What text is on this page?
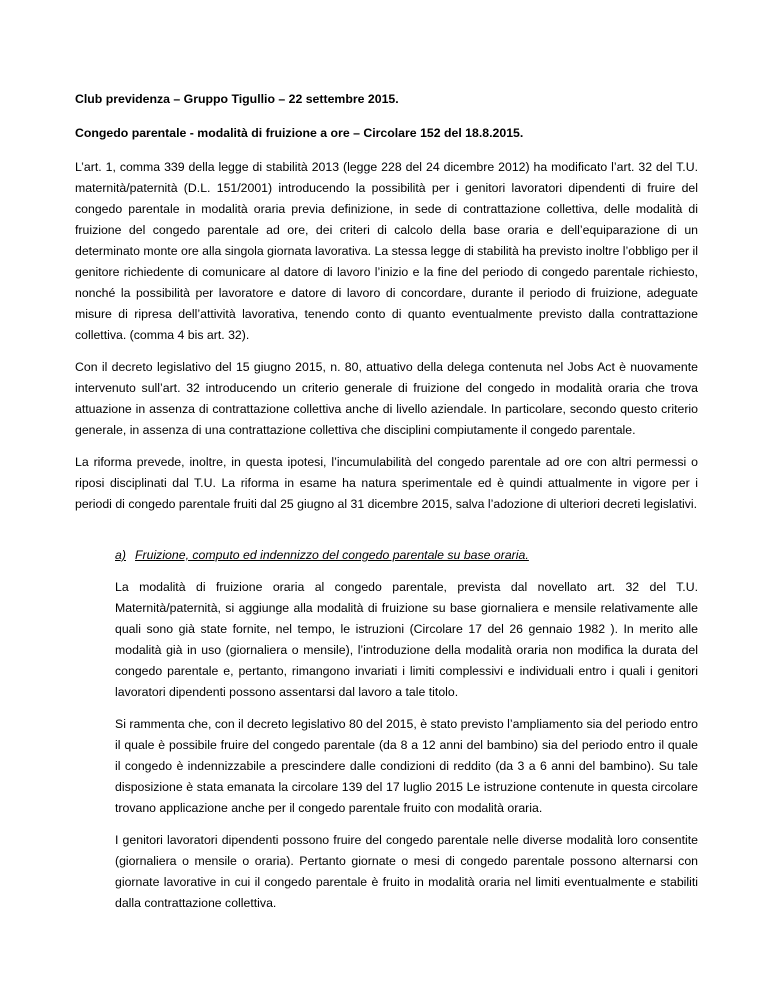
Club previdenza – Gruppo Tigullio – 22 settembre 2015.

Congedo parentale - modalità di fruizione a ore – Circolare 152 del 18.8.2015.

L’art. 1, comma 339 della legge di stabilità 2013 (legge 228 del 24 dicembre 2012) ha modificato l’art. 32 del T.U. maternità/paternità (D.L. 151/2001) introducendo la possibilità per i genitori lavoratori dipendenti di fruire del congedo parentale in modalità oraria previa definizione, in sede di contrattazione collettiva, delle modalità di fruizione del congedo parentale ad ore, dei criteri di calcolo della base oraria e dell’equiparazione di un determinato monte ore alla singola giornata lavorativa. La stessa legge di stabilità ha previsto inoltre l’obbligo per il genitore richiedente di comunicare al datore di lavoro l’inizio e la fine del periodo di congedo parentale richiesto, nonché la possibilità per lavoratore e datore di lavoro di concordare, durante il periodo di fruizione, adeguate misure di ripresa dell’attività lavorativa, tenendo conto di quanto eventualmente previsto dalla contrattazione collettiva. (comma 4 bis art. 32).

Con il decreto legislativo del 15 giugno 2015, n. 80, attuativo della delega contenuta nel Jobs Act è nuovamente intervenuto sull’art. 32 introducendo un criterio generale di fruizione del congedo in modalità oraria che trova attuazione in assenza di contrattazione collettiva anche di livello aziendale. In particolare, secondo questo criterio generale, in assenza di una contrattazione collettiva che disciplini compiutamente il congedo parentale.

La riforma prevede, inoltre, in questa ipotesi, l’incumulabilità del congedo parentale ad ore con altri permessi o riposi disciplinati dal T.U. La riforma in esame ha natura sperimentale ed è quindi attualmente in vigore per i periodi di congedo parentale fruiti dal 25 giugno al 31 dicembre 2015, salva l’adozione di ulteriori decreti legislativi.

a) Fruizione, computo ed indennizzo del congedo parentale su base oraria.

La modalità di fruizione oraria al congedo parentale, prevista dal novellato art. 32 del T.U. Maternità/paternità, si aggiunge alla modalità di fruizione su base giornaliera e mensile relativamente alle quali sono già state fornite, nel tempo, le istruzioni (Circolare 17 del 26 gennaio 1982 ). In merito alle modalità già in uso (giornaliera o mensile), l’introduzione della modalità oraria non modifica la durata del congedo parentale e, pertanto, rimangono invariati i limiti complessivi e individuali entro i quali i genitori lavoratori dipendenti possono assentarsi dal lavoro a tale titolo.

Si rammenta che, con il decreto legislativo 80 del 2015, è stato previsto l’ampliamento sia del periodo entro il quale è possibile fruire del congedo parentale (da 8 a 12 anni del bambino) sia del periodo entro il quale il congedo è indennizzabile a prescindere dalle condizioni di reddito (da 3 a 6 anni del bambino). Su tale disposizione è stata emanata la circolare 139 del 17 luglio 2015 Le istruzione contenute in questa circolare trovano applicazione anche per il congedo parentale fruito con modalità oraria.

I genitori lavoratori dipendenti possono fruire del congedo parentale nelle diverse modalità loro consentite (giornaliera o mensile o oraria). Pertanto giornate o mesi di congedo parentale possono alternarsi con giornate lavorative in cui il congedo parentale è fruito in modalità oraria nel limiti eventualmente e stabiliti dalla contrattazione collettiva.
